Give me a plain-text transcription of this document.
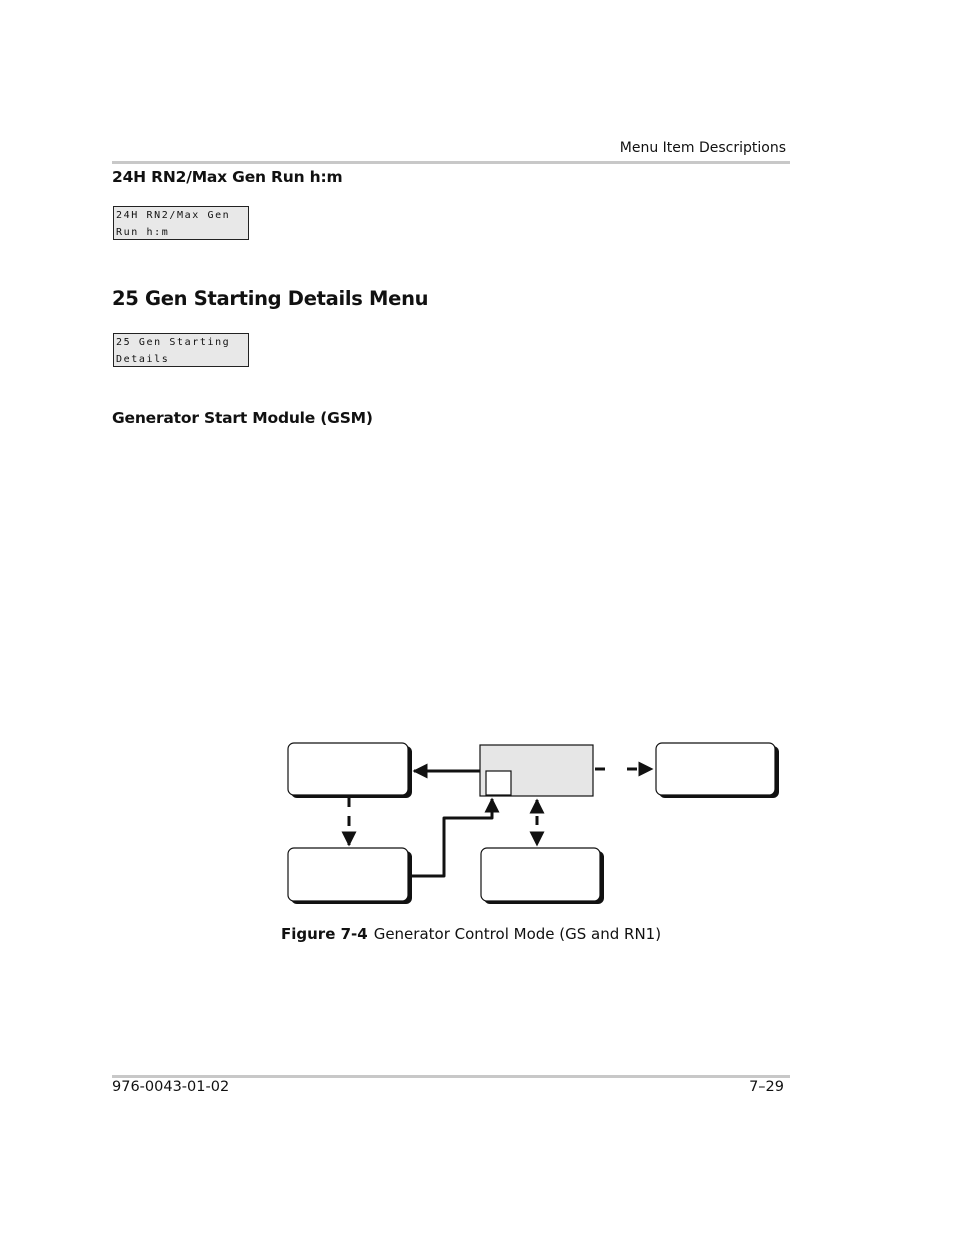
Menu Item Descriptions
24H RN2/Max Gen Run h:m
24H RN2/Max Gen
Run h:m
25 Gen Starting Details Menu
25 Gen Starting
Details
Generator Start Module (GSM)
Figure 7-4 Generator Control Mode (GS and RN1)
976-0043-01-02	7–29
